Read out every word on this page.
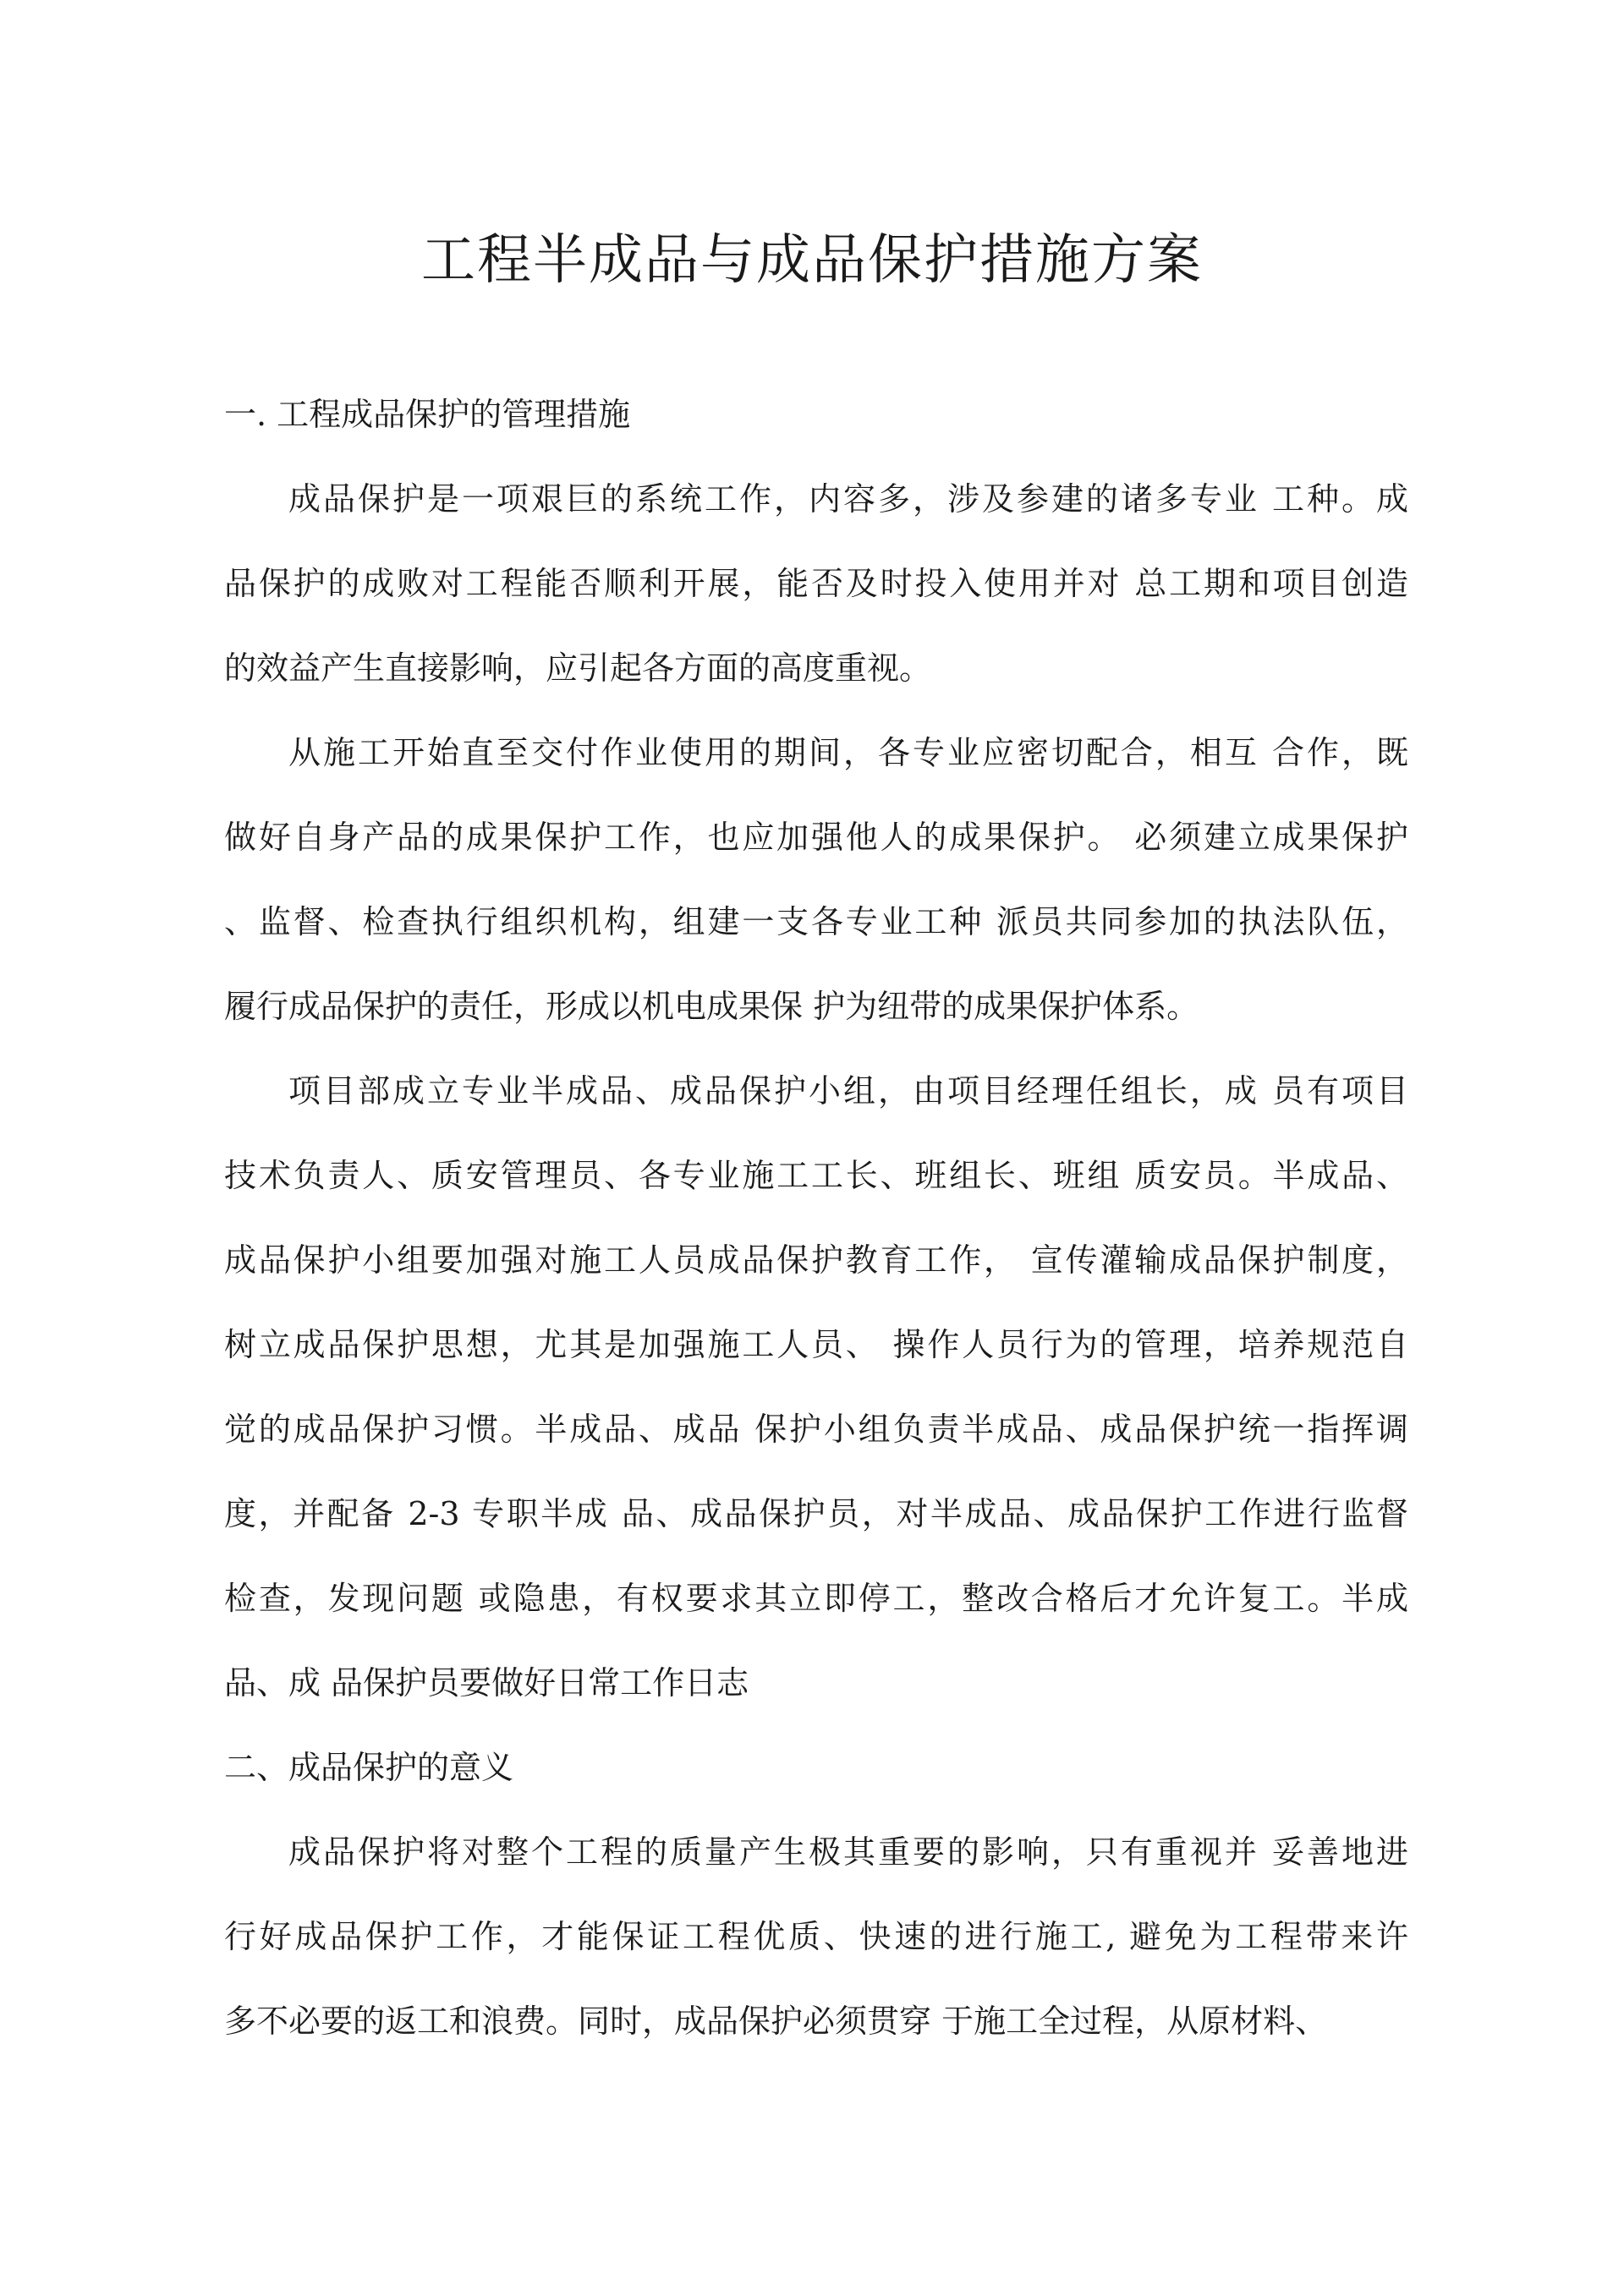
工程半成品与成品保护措施方案
一. 工程成品保护的管理措施
成品保护是一项艰巨的系统工作，内容多，涉及参建的诸多专业 工种。成
品保护的成败对工程能否顺利开展，能否及时投入使用并对 总工期和项目创造
的效益产生直接影响，应引起各方面的高度重视。
从施工开始直至交付作业使用的期间，各专业应密切配合，相互 合作，既
做好自身产品的成果保护工作，也应加强他人的成果保护。 必须建立成果保护
、监督、检查执行组织机构，组建一支各专业工种 派员共同参加的执法队伍，
履行成品保护的责任，形成以机电成果保 护为纽带的成果保护体系。
项目部成立专业半成品、成品保护小组，由项目经理任组长，成 员有项目
技术负责人、质安管理员、各专业施工工长、班组长、班组 质安员。半成品、
成品保护小组要加强对施工人员成品保护教育工作， 宣传灌输成品保护制度，
树立成品保护思想，尤其是加强施工人员、 操作人员行为的管理，培养规范自
觉的成品保护习惯。半成品、成品 保护小组负责半成品、成品保护统一指挥调
度，并配备 2-3 专职半成 品、成品保护员，对半成品、成品保护工作进行监督
检查，发现问题 或隐患，有权要求其立即停工，整改合格后才允许复工。半成
品、成 品保护员要做好日常工作日志
二、成品保护的意义
成品保护将对整个工程的质量产生极其重要的影响，只有重视并 妥善地进
行好成品保护工作，才能保证工程优质、快速的进行施工, 避免为工程带来许
多不必要的返工和浪费。同时，成品保护必须贯穿 于施工全过程，从原材料、
